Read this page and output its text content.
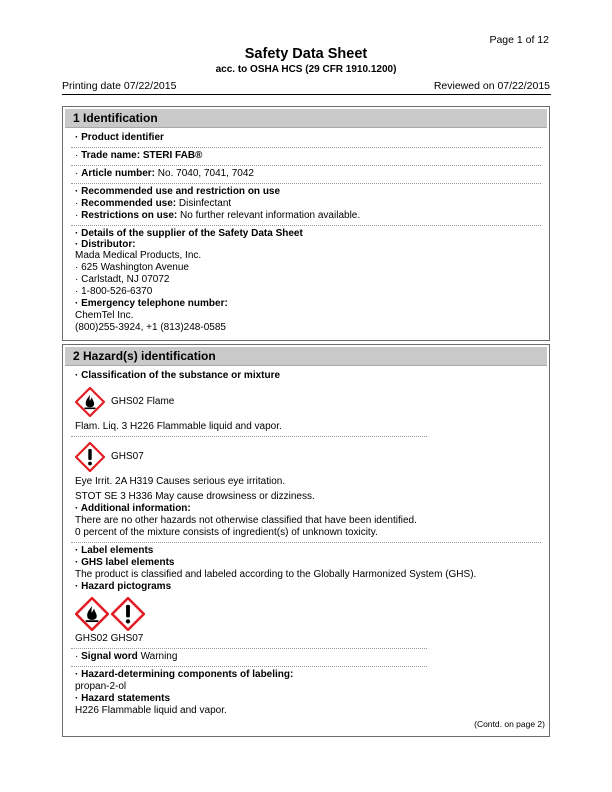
Page 1 of 12
Safety Data Sheet
acc. to OSHA HCS (29 CFR 1910.1200)
Printing date 07/22/2015	Reviewed on 07/22/2015
1 Identification
· Product identifier
· Trade name: STERI FAB®
· Article number: No. 7040, 7041, 7042
· Recommended use and restriction on use
· Recommended use: Disinfectant
· Restrictions on use: No further relevant information available.
· Details of the supplier of the Safety Data Sheet
· Distributor:
Mada Medical Products, Inc.
· 625 Washington Avenue
· Carlstadt, NJ 07072
· 1-800-526-6370
· Emergency telephone number:
ChemTel Inc.
(800)255-3924, +1 (813)248-0585
2 Hazard(s) identification
· Classification of the substance or mixture
GHS02 Flame
Flam. Liq. 3 H226 Flammable liquid and vapor.
GHS07
Eye Irrit. 2A H319 Causes serious eye irritation.
STOT SE 3 H336 May cause drowsiness or dizziness.
· Additional information:
There are no other hazards not otherwise classified that have been identified.
0 percent of the mixture consists of ingredient(s) of unknown toxicity.
· Label elements
· GHS label elements
The product is classified and labeled according to the Globally Harmonized System (GHS).
· Hazard pictograms
GHS02 GHS07
· Signal word Warning
· Hazard-determining components of labeling:
propan-2-ol
· Hazard statements
H226 Flammable liquid and vapor.
(Contd. on page 2)
